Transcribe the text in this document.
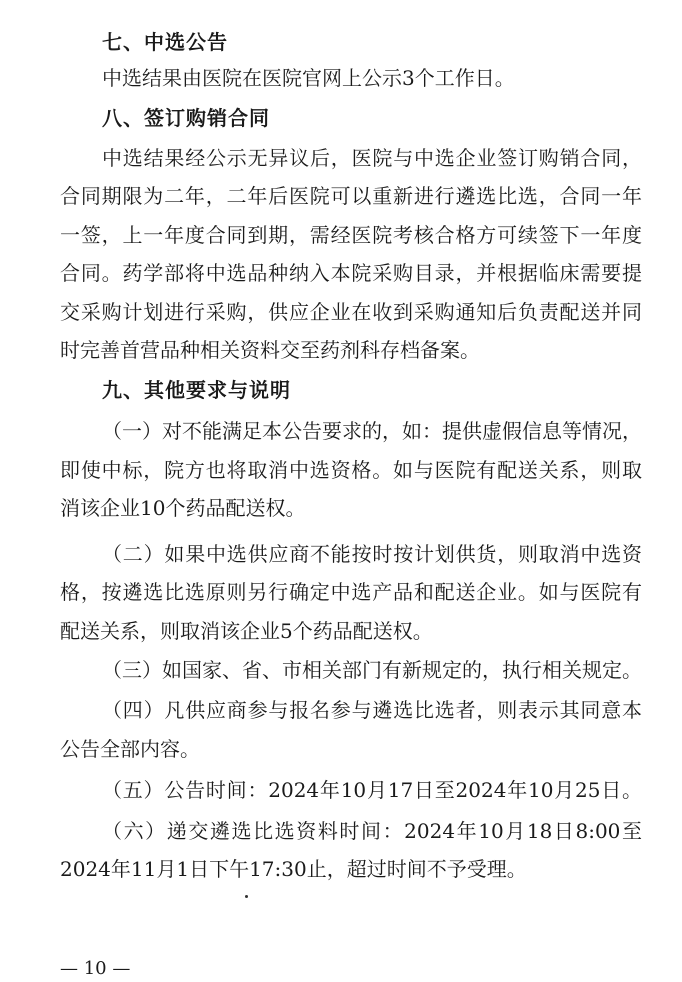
七、中选公告
中选结果由医院在医院官网上公示3个工作日。
八、签订购销合同
中选结果经公示无异议后，医院与中选企业签订购销合同，
合同期限为二年，二年后医院可以重新进行遴选比选，合同一年
一签，上一年度合同到期，需经医院考核合格方可续签下一年度
合同。药学部将中选品种纳入本院采购目录，并根据临床需要提
交采购计划进行采购，供应企业在收到采购通知后负责配送并同
时完善首营品种相关资料交至药剂科存档备案。
九、其他要求与说明
（一）对不能满足本公告要求的，如：提供虚假信息等情况，
即使中标，院方也将取消中选资格。如与医院有配送关系，则取
消该企业10个药品配送权。
（二）如果中选供应商不能按时按计划供货，则取消中选资
格，按遴选比选原则另行确定中选产品和配送企业。如与医院有
配送关系，则取消该企业5个药品配送权。
（三）如国家、省、市相关部门有新规定的，执行相关规定。
（四）凡供应商参与报名参与遴选比选者，则表示其同意本
公告全部内容。
（五）公告时间：2024年10月17日至2024年10月25日。
（六）递交遴选比选资料时间：2024年10月18日8:00至
2024年11月1日下午17:30止，超过时间不予受理。
— 10 —
